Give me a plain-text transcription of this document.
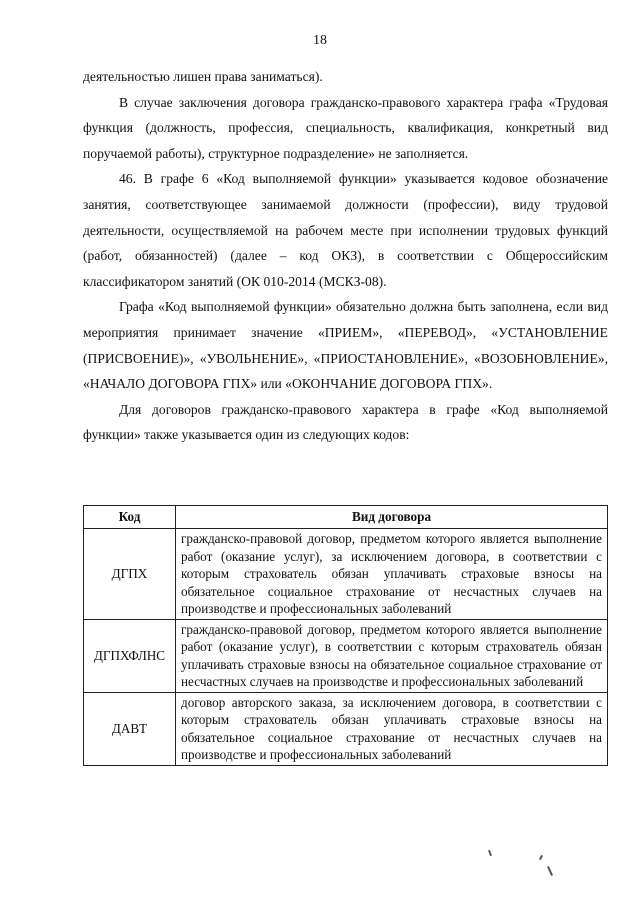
18

деятельностью лишен права заниматься).

В случае заключения договора гражданско-правового характера графа «Трудовая функция (должность, профессия, специальность, квалификация, конкретный вид поручаемой работы), структурное подразделение» не заполняется.

46. В графе 6 «Код выполняемой функции» указывается кодовое обозначение занятия, соответствующее занимаемой должности (профессии), виду трудовой деятельности, осуществляемой на рабочем месте при исполнении трудовых функций (работ, обязанностей) (далее – код ОКЗ), в соответствии с Общероссийским классификатором занятий (ОК 010-2014 (МСКЗ-08).

Графа «Код выполняемой функции» обязательно должна быть заполнена, если вид мероприятия принимает значение «ПРИЕМ», «ПЕРЕВОД», «УСТАНОВЛЕНИЕ (ПРИСВОЕНИЕ)», «УВОЛЬНЕНИЕ», «ПРИОСТАНОВЛЕНИЕ», «ВОЗОБНОВЛЕНИЕ», «НАЧАЛО ДОГОВОРА ГПХ» или «ОКОНЧАНИЕ ДОГОВОРА ГПХ».

Для договоров гражданско-правового характера в графе «Код выполняемой функции» также указывается один из следующих кодов:

Код	Вид договора
ДГПХ	гражданско-правовой договор, предметом которого является выполнение работ (оказание услуг), за исключением договора, в соответствии с которым страхователь обязан уплачивать страховые взносы на обязательное социальное страхование от несчастных случаев на производстве и профессиональных заболеваний
ДГПХФЛНС	гражданско-правовой договор, предметом которого является выполнение работ (оказание услуг), в соответствии с которым страхователь обязан уплачивать страховые взносы на обязательное социальное страхование от несчастных случаев на производстве и профессиональных заболеваний
ДАВТ	договор авторского заказа, за исключением договора, в соответствии с которым страхователь обязан уплачивать страховые взносы на обязательное социальное страхование от несчастных случаев на производстве и профессиональных заболеваний
